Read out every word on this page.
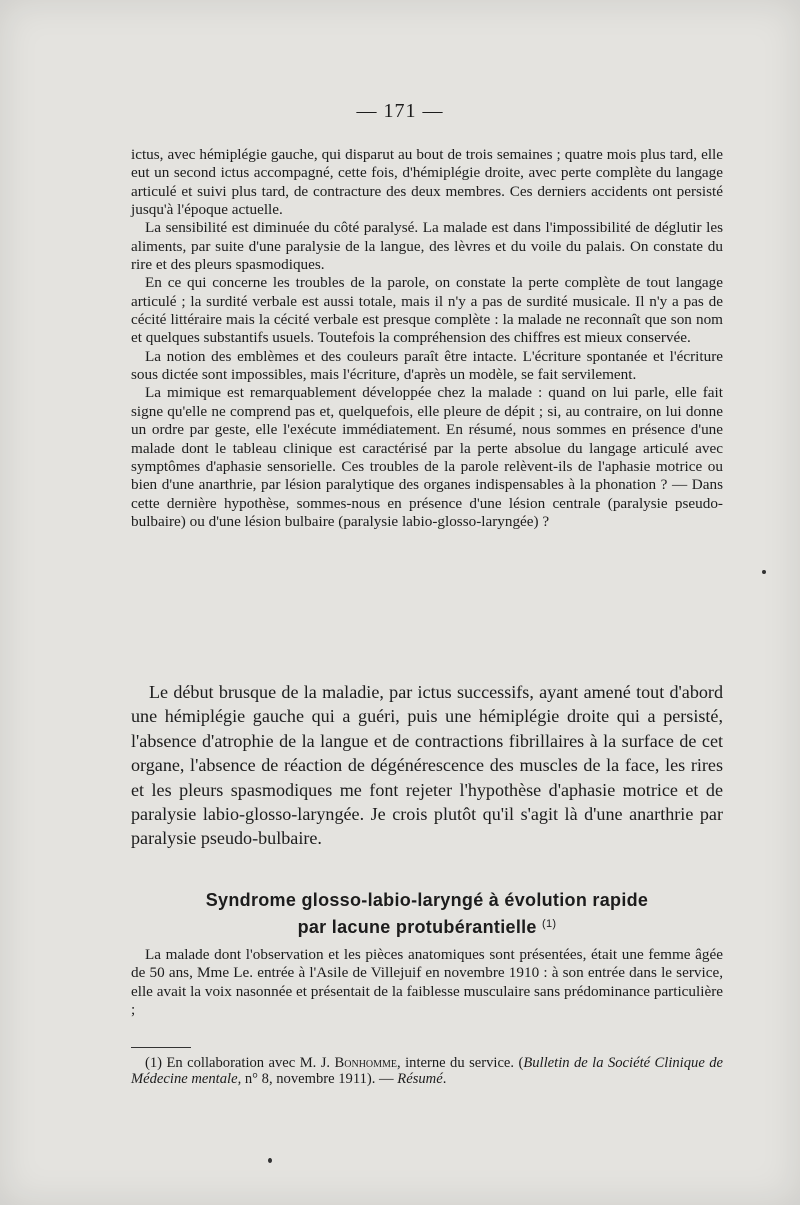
— 171 —

ictus, avec hémiplégie gauche, qui disparut au bout de trois semaines ; quatre mois plus tard, elle eut un second ictus accompagné, cette fois, d'hémiplégie droite, avec perte complète du langage articulé et suivi plus tard, de contracture des deux membres. Ces derniers accidents ont persisté jusqu'à l'époque actuelle.

La sensibilité est diminuée du côté paralysé. La malade est dans l'impossibilité de déglutir les aliments, par suite d'une paralysie de la langue, des lèvres et du voile du palais. On constate du rire et des pleurs spasmodiques.

En ce qui concerne les troubles de la parole, on constate la perte complète de tout langage articulé ; la surdité verbale est aussi totale, mais il n'y a pas de surdité musicale. Il n'y a pas de cécité littéraire mais la cécité verbale est presque complète : la malade ne reconnaît que son nom et quelques substantifs usuels. Toutefois la compréhension des chiffres est mieux conservée.

La notion des emblèmes et des couleurs paraît être intacte. L'écriture spontanée et l'écriture sous dictée sont impossibles, mais l'écriture, d'après un modèle, se fait servilement.

La mimique est remarquablement développée chez la malade : quand on lui parle, elle fait signe qu'elle ne comprend pas et, quelquefois, elle pleure de dépit ; si, au contraire, on lui donne un ordre par geste, elle l'exécute immédiatement. En résumé, nous sommes en présence d'une malade dont le tableau clinique est caractérisé par la perte absolue du langage articulé avec symptômes d'aphasie sensorielle. Ces troubles de la parole relèvent-ils de l'aphasie motrice ou bien d'une anarthrie, par lésion paralytique des organes indispensables à la phonation ? — Dans cette dernière hypothèse, sommes-nous en présence d'une lésion centrale (paralysie pseudo-bulbaire) ou d'une lésion bulbaire (paralysie labio-glosso-laryngée) ?

Le début brusque de la maladie, par ictus successifs, ayant amené tout d'abord une hémiplégie gauche qui a guéri, puis une hémiplégie droite qui a persisté, l'absence d'atrophie de la langue et de contractions fibrillaires à la surface de cet organe, l'absence de réaction de dégénérescence des muscles de la face, les rires et les pleurs spasmodiques me font rejeter l'hypothèse d'aphasie motrice et de paralysie labio-glosso-laryngée. Je crois plutôt qu'il s'agit là d'une anarthrie par paralysie pseudo-bulbaire.

Syndrome glosso-labio-laryngé à évolution rapide
par lacune protubérantielle $^{(1)}$

La malade dont l'observation et les pièces anatomiques sont présentées, était une femme âgée de 50 ans, Mme Le. entrée à l'Asile de Villejuif en novembre 1910 : à son entrée dans le service, elle avait la voix nasonnée et présentait de la faiblesse musculaire sans prédominance particulière ;

(1) En collaboration avec M. J. Bonhomme, interne du service. (Bulletin de la Société Clinique de Médecine mentale, n° 8, novembre 1911). — Résumé.
